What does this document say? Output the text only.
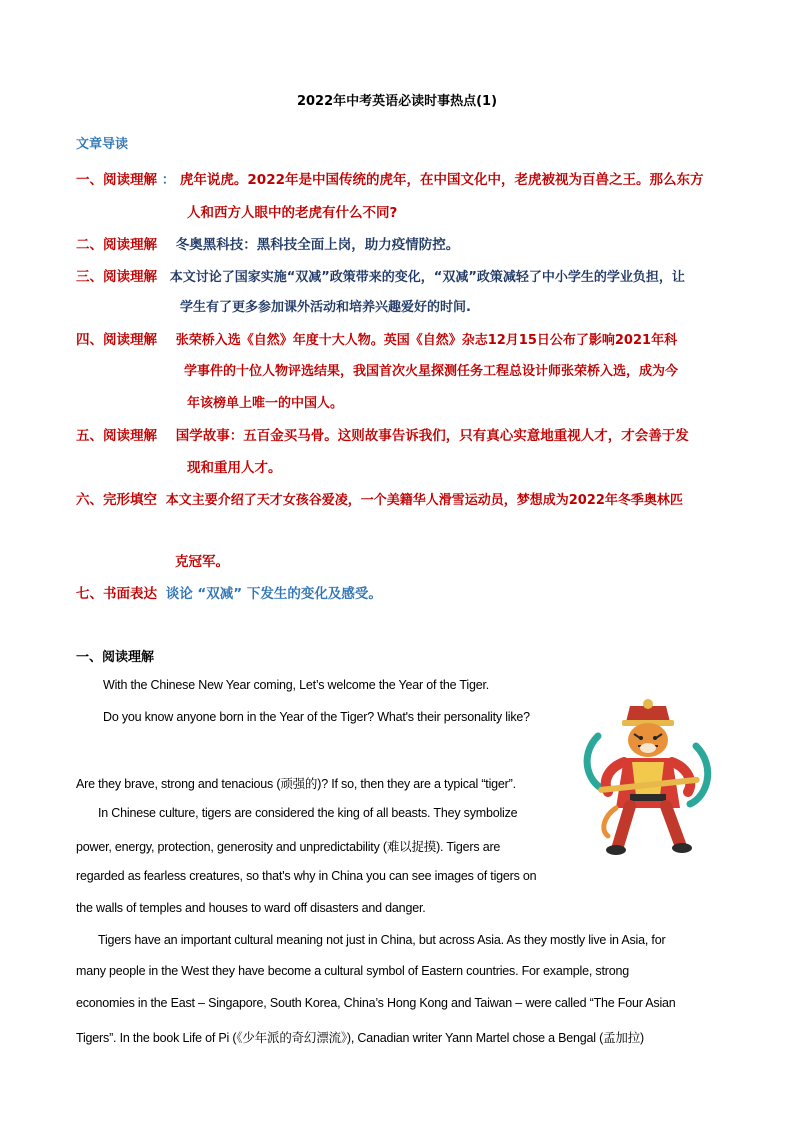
2022年中考英语必读时事热点(1)
文章导读
一、阅读理解 ： 虎年说虎。2022年是中国传统的虎年，在中国文化中，老虎被视为百兽之王。那么东方
人和西方人眼中的老虎有什么不同?
二、阅读理解 冬奥黑科技：黑科技全面上岗，助力疫情防控。
三、阅读理解 本文讨论了国家实施“双减”政策带来的变化，“双减”政策减轻了中小学生的学业负担，让
学生有了更多参加课外活动和培养兴趣爱好的时间.
四、阅读理解 张荣桥入选《自然》年度十大人物。英国《自然》杂志12月15日公布了影响2021年科
学事件的十位人物评选结果，我国首次火星探测任务工程总设计师张荣桥入选，成为今
年该榜单上唯一的中国人。
五、阅读理解 国学故事：五百金买马骨。这则故事告诉我们，只有真心实意地重视人才，才会善于发
现和重用人才。
六、完形填空 本文主要介绍了天才女孩谷爱凌，一个美籍华人滑雪运动员，梦想成为2022年冬季奥林匹
克冠军。
七、书面表达 谈论 “双减” 下发生的变化及感受。
一、阅读理解
With the Chinese New Year coming, Let’s welcome the Year of the Tiger.
Do you know anyone born in the Year of the Tiger? What's their personality like?
Are they brave, strong and tenacious (顽强的)? If so, then they are a typical “tiger”.
In Chinese culture, tigers are considered the king of all beasts. They symbolize
power, energy, protection, generosity and unpredictability (难以捉摸). Tigers are
regarded as fearless creatures, so that's why in China you can see images of tigers on
the walls of temples and houses to ward off disasters and danger.
Tigers have an important cultural meaning not just in China, but across Asia. As they mostly live in Asia, for
many people in the West they have become a cultural symbol of Eastern countries. For example, strong
economies in the East – Singapore, South Korea, China’s Hong Kong and Taiwan – were called “The Four Asian
Tigers”. In the book Life of Pi (《少年派的奇幻漂流》), Canadian writer Yann Martel chose a Bengal (孟加拉)
